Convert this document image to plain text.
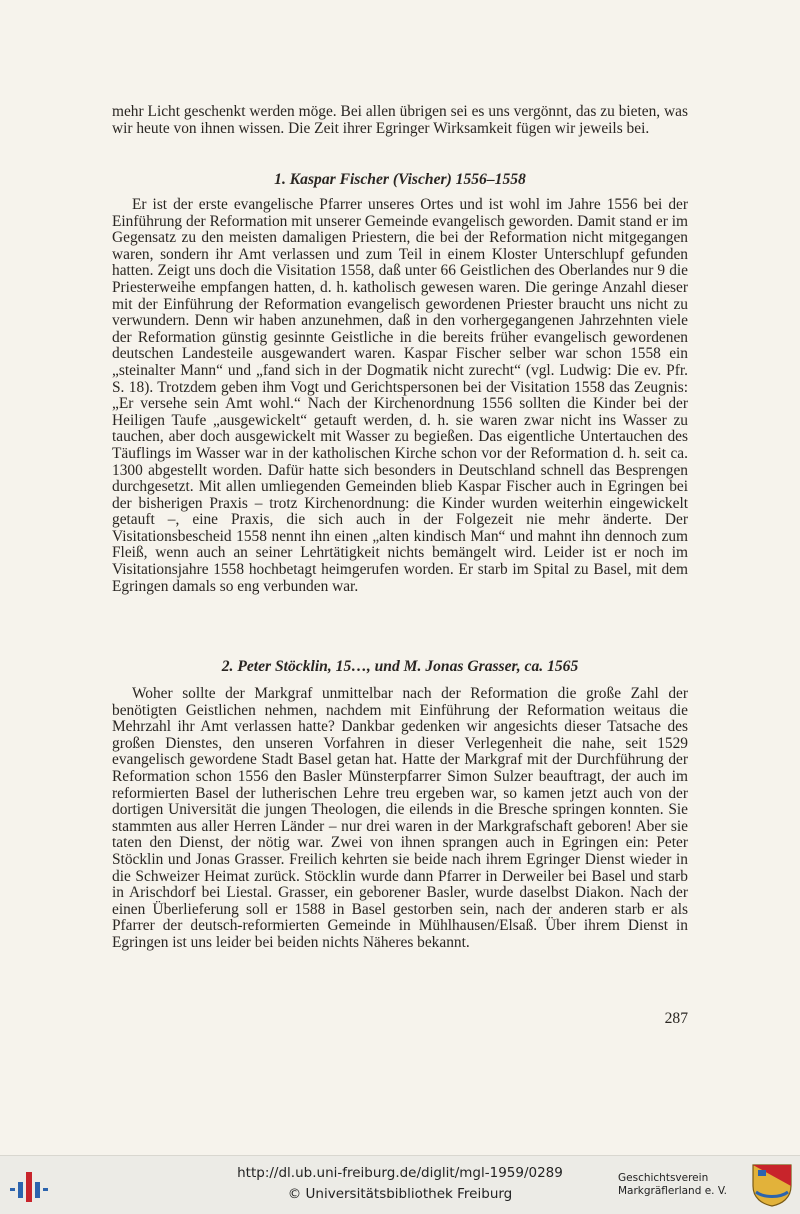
mehr Licht geschenkt werden möge. Bei allen übrigen sei es uns vergönnt, das zu bieten, was wir heute von ihnen wissen. Die Zeit ihrer Egringer Wirksamkeit fügen wir jeweils bei.

1. Kaspar Fischer (Vischer) 1556–1558

Er ist der erste evangelische Pfarrer unseres Ortes und ist wohl im Jahre 1556 bei der Einführung der Reformation mit unserer Gemeinde evangelisch geworden. Damit stand er im Gegensatz zu den meisten damaligen Priestern, die bei der Reformation nicht mitgegangen waren, sondern ihr Amt verlassen und zum Teil in einem Kloster Unterschlupf gefunden hatten. Zeigt uns doch die Visitation 1558, daß unter 66 Geistlichen des Oberlandes nur 9 die Priesterweihe empfangen hatten, d. h. katholisch gewesen waren. Die geringe Anzahl dieser mit der Einführung der Reformation evangelisch gewordenen Priester braucht uns nicht zu verwundern. Denn wir haben anzunehmen, daß in den vorhergegangenen Jahrzehnten viele der Reformation günstig gesinnte Geistliche in die bereits früher evangelisch gewordenen deutschen Landesteile ausgewandert waren. Kaspar Fischer selber war schon 1558 ein „steinalter Mann“ und „fand sich in der Dogmatik nicht zurecht“ (vgl. Ludwig: Die ev. Pfr. S. 18). Trotzdem geben ihm Vogt und Gerichtspersonen bei der Visitation 1558 das Zeugnis: „Er versehe sein Amt wohl.“ Nach der Kirchenordnung 1556 sollten die Kinder bei der Heiligen Taufe „ausgewickelt“ getauft werden, d. h. sie waren zwar nicht ins Wasser zu tauchen, aber doch ausgewickelt mit Wasser zu begießen. Das eigentliche Untertauchen des Täuflings im Wasser war in der katholischen Kirche schon vor der Reformation d. h. seit ca. 1300 abgestellt worden. Dafür hatte sich besonders in Deutschland schnell das Besprengen durchgesetzt. Mit allen umliegenden Gemeinden blieb Kaspar Fischer auch in Egringen bei der bisherigen Praxis – trotz Kirchenordnung: die Kinder wurden weiterhin eingewickelt getauft –, eine Praxis, die sich auch in der Folgezeit nie mehr änderte. Der Visitationsbescheid 1558 nennt ihn einen „alten kindisch Man“ und mahnt ihn dennoch zum Fleiß, wenn auch an seiner Lehrtätigkeit nichts bemängelt wird. Leider ist er noch im Visitationsjahre 1558 hochbetagt heimgerufen worden. Er starb im Spital zu Basel, mit dem Egringen damals so eng verbunden war.

2. Peter Stöcklin, 15…, und M. Jonas Grasser, ca. 1565

Woher sollte der Markgraf unmittelbar nach der Reformation die große Zahl der benötigten Geistlichen nehmen, nachdem mit Einführung der Reformation weitaus die Mehrzahl ihr Amt verlassen hatte? Dankbar gedenken wir angesichts dieser Tatsache des großen Dienstes, den unseren Vorfahren in dieser Verlegenheit die nahe, seit 1529 evangelisch gewordene Stadt Basel getan hat. Hatte der Markgraf mit der Durchführung der Reformation schon 1556 den Basler Münsterpfarrer Simon Sulzer beauftragt, der auch im reformierten Basel der lutherischen Lehre treu ergeben war, so kamen jetzt auch von der dortigen Universität die jungen Theologen, die eilends in die Bresche springen konnten. Sie stammten aus aller Herren Länder – nur drei waren in der Markgrafschaft geboren! Aber sie taten den Dienst, der nötig war. Zwei von ihnen sprangen auch in Egringen ein: Peter Stöcklin und Jonas Grasser. Freilich kehrten sie beide nach ihrem Egringer Dienst wieder in die Schweizer Heimat zurück. Stöcklin wurde dann Pfarrer in Derweiler bei Basel und starb in Arischdorf bei Liestal. Grasser, ein geborener Basler, wurde daselbst Diakon. Nach der einen Überlieferung soll er 1588 in Basel gestorben sein, nach der anderen starb er als Pfarrer der deutsch-reformierten Gemeinde in Mühlhausen/Elsaß. Über ihrem Dienst in Egringen ist uns leider bei beiden nichts Näheres bekannt.

287
http://dl.ub.uni-freiburg.de/diglit/mgl-1959/0289
© Universitätsbibliothek Freiburg
Geschichtsverein
Markgräflerland e. V.
